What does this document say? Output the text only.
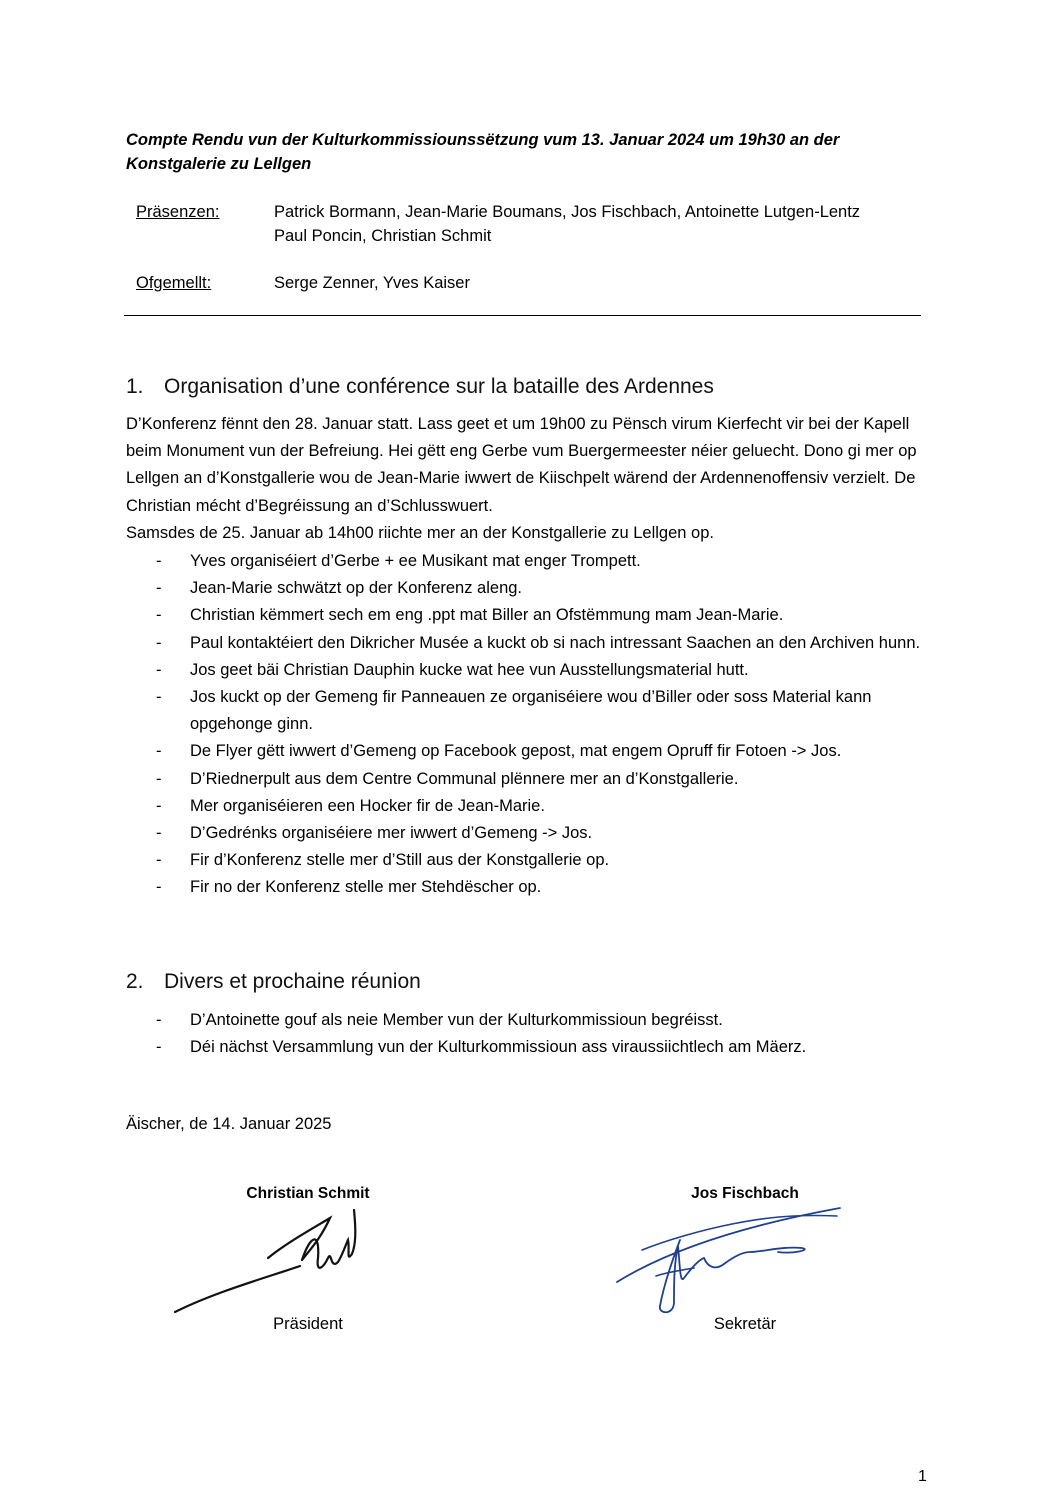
Compte Rendu vun der Kulturkommissiounssëtzung vum 13. Januar 2024 um 19h30 an der Konstgalerie zu Lellgen
Präsenzen:	Patrick Bormann, Jean-Marie Boumans, Jos Fischbach, Antoinette Lutgen-Lentz
Paul Poncin, Christian Schmit
Ofgemellt:	Serge Zenner, Yves Kaiser
1. Organisation d’une conférence sur la bataille des Ardennes

D’Konferenz fënnt den 28. Januar statt. Lass geet et um 19h00 zu Pënsch virum Kierfecht vir bei der Kapell beim Monument vun der Befreiung. Hei gëtt eng Gerbe vum Buergermeester néier geluecht. Dono gi mer op Lellgen an d’Konstgallerie wou de Jean-Marie iwwert de Kiischpelt wärend der Ardennenoffensiv verzielt. De Christian mécht d’Begréissung an d’Schlusswuert.

Samsdes de 25. Januar ab 14h00 riichte mer an der Konstgallerie zu Lellgen op.

- Yves organiséiert d’Gerbe + ee Musikant mat enger Trompett.
- Jean-Marie schwätzt op der Konferenz aleng.
- Christian këmmert sech em eng .ppt mat Biller an Ofstëmmung mam Jean-Marie.
- Paul kontaktéiert den Dikricher Musée a kuckt ob si nach intressant Saachen an den Archiven hunn.
- Jos geet bäi Christian Dauphin kucke wat hee vun Ausstellungsmaterial hutt.
- Jos kuckt op der Gemeng fir Panneauen ze organiséiere wou d’Biller oder soss Material kann opgehonge ginn.
- De Flyer gëtt iwwert d’Gemeng op Facebook gepost, mat engem Opruff fir Fotoen -> Jos.
- D’Riednerpult aus dem Centre Communal plënnere mer an d’Konstgallerie.
- Mer organiséieren een Hocker fir de Jean-Marie.
- D’Gedrénks organiséiere mer iwwert d’Gemeng -> Jos.
- Fir d’Konferenz stelle mer d’Still aus der Konstgallerie op.
- Fir no der Konferenz stelle mer Stehdëscher op.
2. Divers et prochaine réunion
- D’Antoinette gouf als neie Member vun der Kulturkommissioun begréisst.
- Déi nächst Versammlung vun der Kulturkommissioun ass viraussiichtlech am Mäerz.
Äischer, de 14. Januar 2025
Christian Schmit
Präsident
Jos Fischbach
Sekretär
1
